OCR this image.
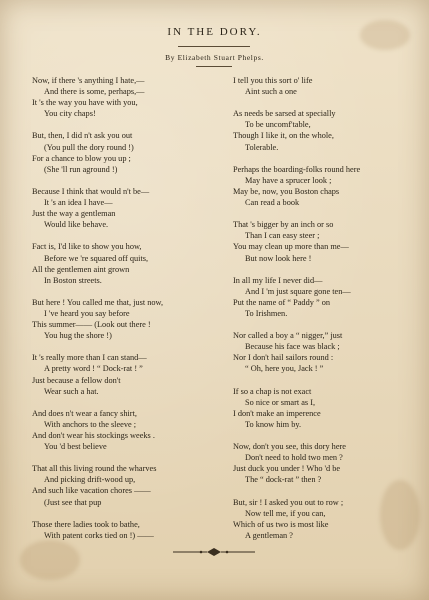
IN THE DORY.
By Elizabeth Stuart Phelps.
Now, if there 's anything I hate,—
And there is some, perhaps,—
It 's the way you have with you,
You city chaps!
But, then, I did n't ask you out
(You pull the dory round !)
For a chance to blow you up ;
(She 'll run aground !)
Because I think that would n't be—
It 's an idea I have—
Just the way a gentleman
Would like behave.
Fact is, I'd like to show you how,
Before we 're squared off quits,
All the gentlemen aint grown
In Boston streets.
But here ! You called me that, just now,
I 've heard you say before
This summer—— (Look out there !
You hug the shore !)
It 's really more than I can stand—
A pretty word ! “ Dock-rat ! ”
Just because a fellow don't
Wear such a hat.
And does n't wear a fancy shirt,
With anchors to the sleeve ;
And don't wear his stockings weeks .
You 'd best believe
That all this living round the wharves
And picking drift-wood up,
And such like vacation chores ——
(Just see that pup
Those there ladies took to bathe,
With patent corks tied on !) ——
I tell you this sort o' life
Aint such a one
As needs be sarsed at specially
To be uncomf'table,
Though I like it, on the whole,
Tolerable.
Perhaps the boarding-folks round here
May have a sprucer look ;
May be, now, you Boston chaps
Can read a book
That 's bigger by an inch or so
Than I can easy steer ;
You may clean up more than me—
But now look here !
In all my life I never did—
And I 'm just square gone ten—
Put the name of “ Paddy ” on
To Irishmen.
Nor called a boy a “ nigger,” just
Because his face was black ;
Nor I don't hail sailors round :
“ Oh, here you, Jack ! ”
If so a chap is not exact
So nice or smart as I,
I don't make an imperence
To know him by.
Now, don't you see, this dory here
Don't need to hold two men ?
Just duck you under ! Who 'd be
The “ dock-rat ” then ?
But, sir ! I asked you out to row ;
Now tell me, if you can,
Which of us two is most like
A gentleman ?
